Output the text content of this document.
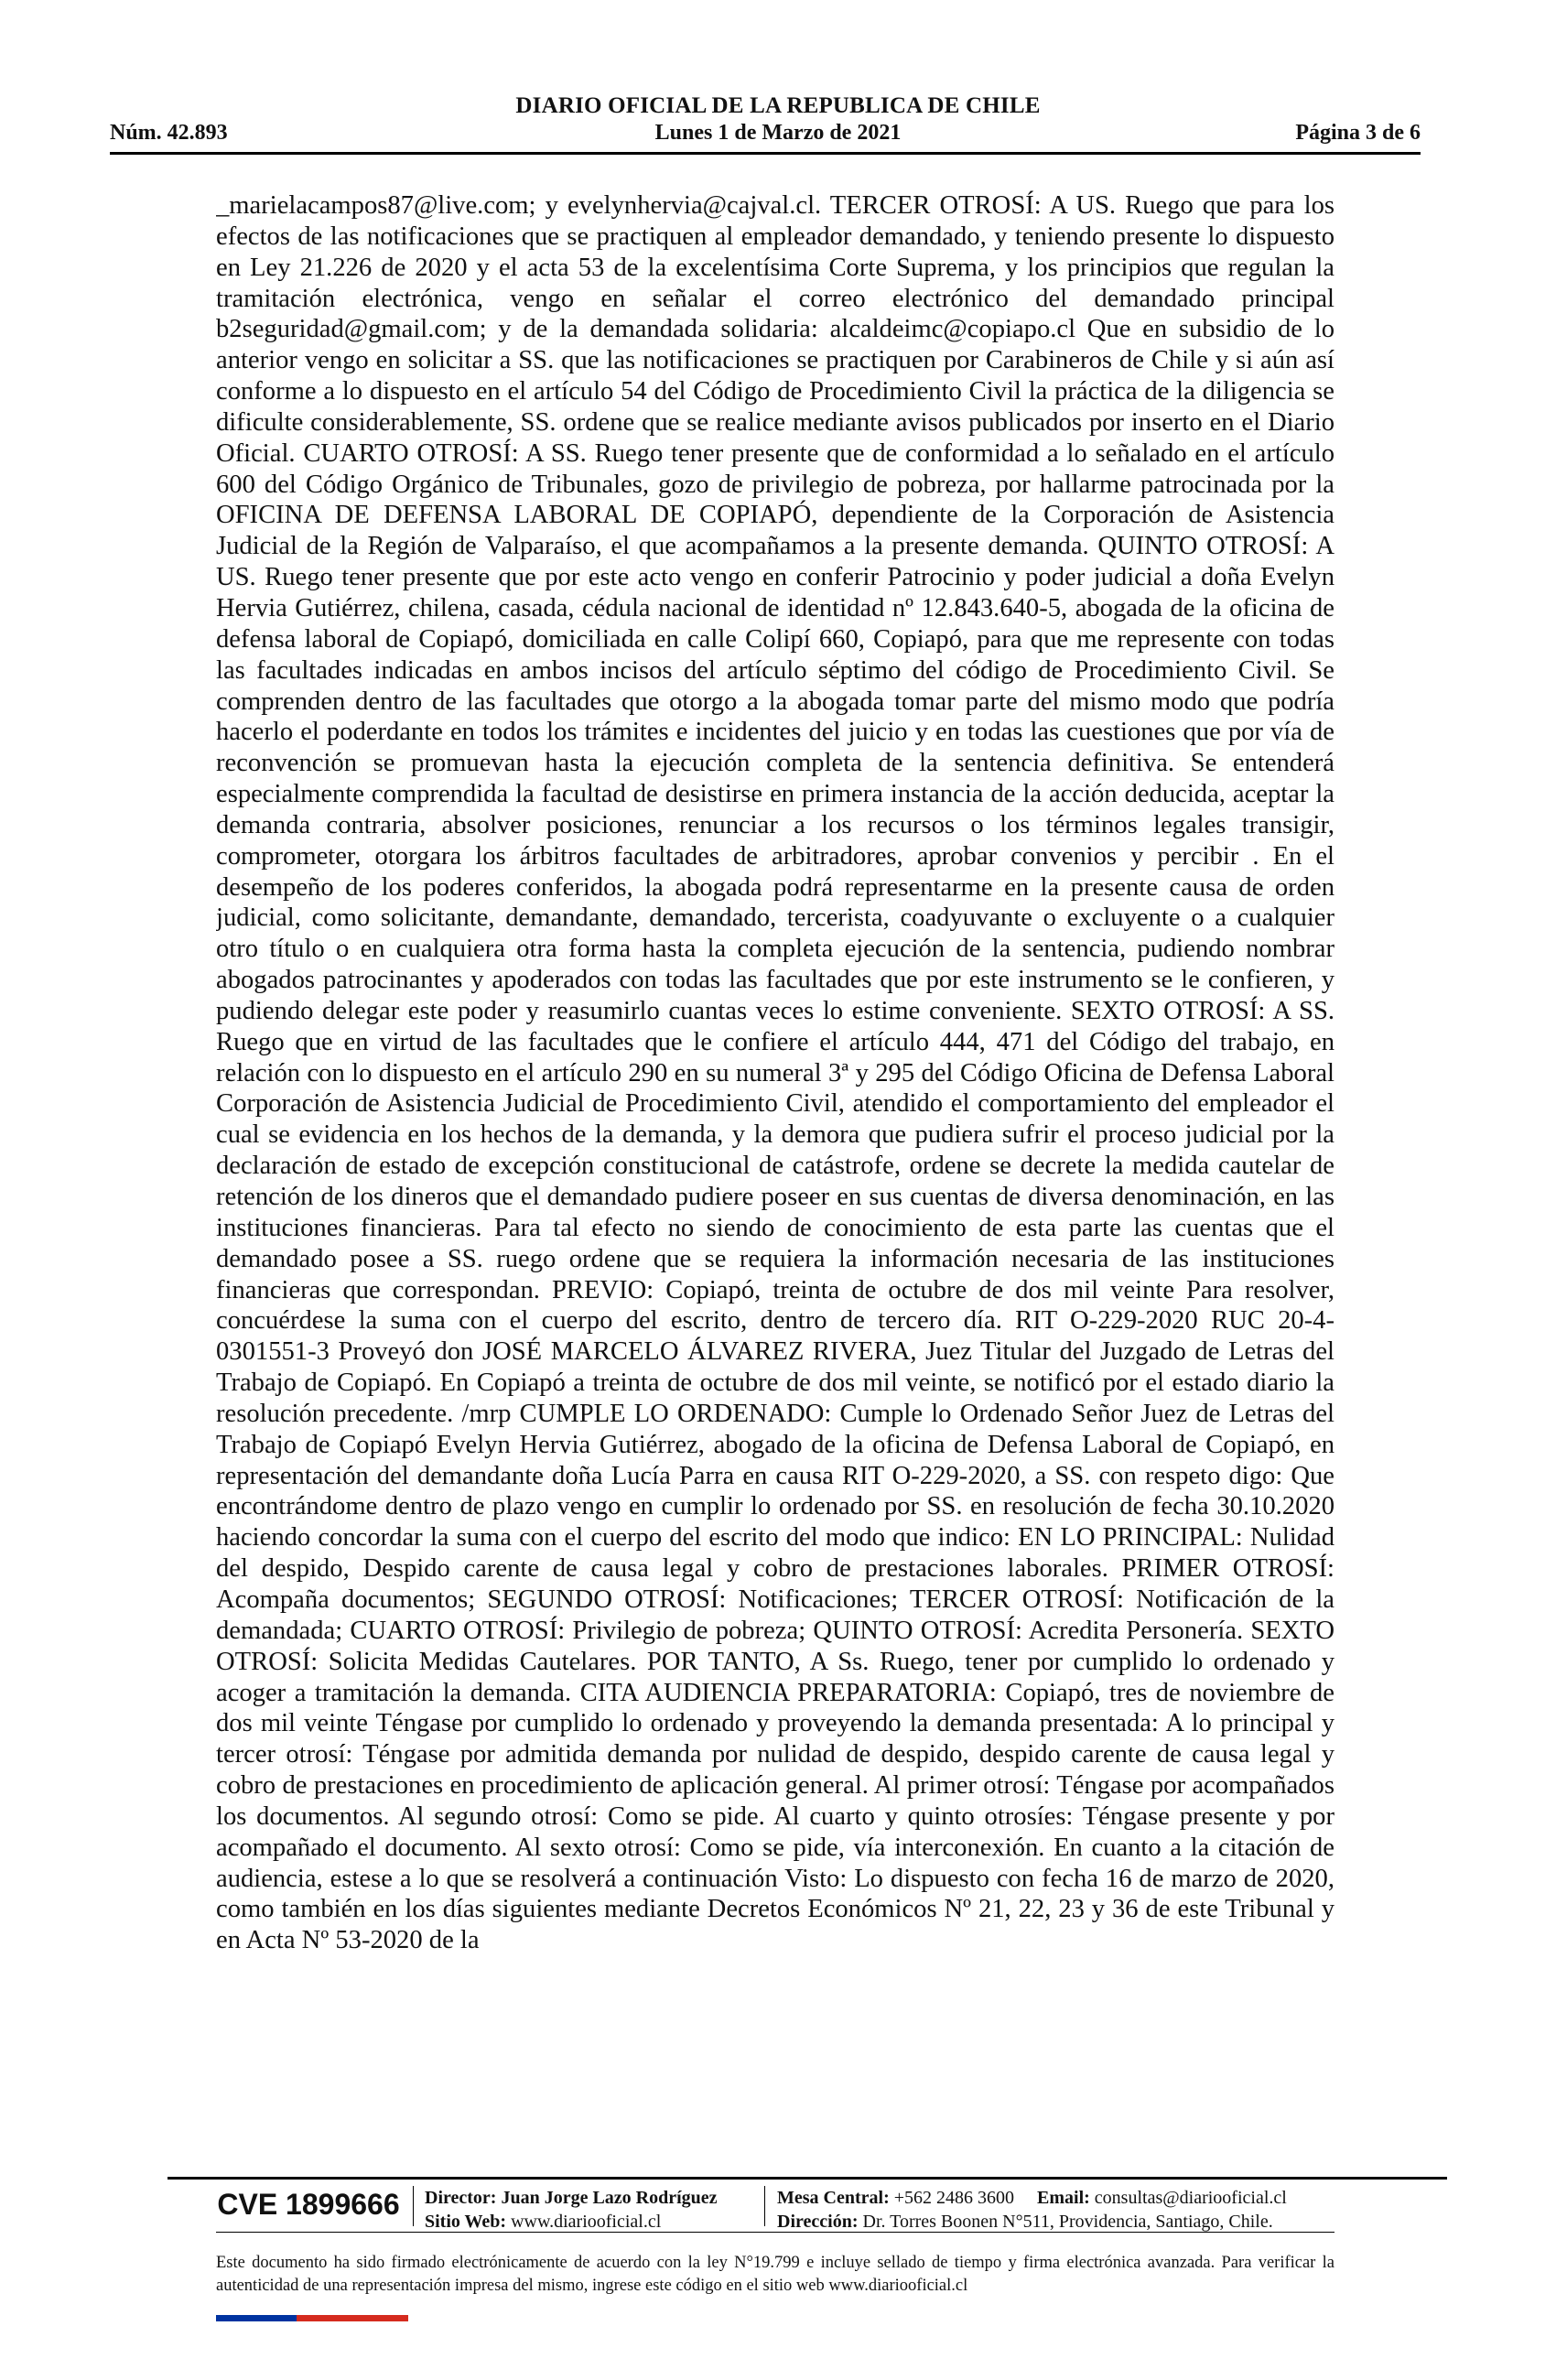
DIARIO OFICIAL DE LA REPUBLICA DE CHILE
Núm. 42.893	Lunes 1 de Marzo de 2021	Página 3 de 6

_marielacampos87@live.com; y evelynhervia@cajval.cl. TERCER OTROSÍ: A US. Ruego que para los efectos de las notificaciones que se practiquen al empleador demandado, y teniendo presente lo dispuesto en Ley 21.226 de 2020 y el acta 53 de la excelentísima Corte Suprema, y los principios que regulan la tramitación electrónica, vengo en señalar el correo electrónico del demandado principal b2seguridad@gmail.com; y de la demandada solidaria: alcaldeimc@copiapo.cl Que en subsidio de lo anterior vengo en solicitar a SS. que las notificaciones se practiquen por Carabineros de Chile y si aún así conforme a lo dispuesto en el artículo 54 del Código de Procedimiento Civil la práctica de la diligencia se dificulte considerablemente, SS. ordene que se realice mediante avisos publicados por inserto en el Diario Oficial. CUARTO OTROSÍ: A SS. Ruego tener presente que de conformidad a lo señalado en el artículo 600 del Código Orgánico de Tribunales, gozo de privilegio de pobreza, por hallarme patrocinada por la OFICINA DE DEFENSA LABORAL DE COPIAPÓ, dependiente de la Corporación de Asistencia Judicial de la Región de Valparaíso, el que acompañamos a la presente demanda. QUINTO OTROSÍ: A US. Ruego tener presente que por este acto vengo en conferir Patrocinio y poder judicial a doña Evelyn Hervia Gutiérrez, chilena, casada, cédula nacional de identidad nº 12.843.640-5, abogada de la oficina de defensa laboral de Copiapó, domiciliada en calle Colipí 660, Copiapó, para que me represente con todas las facultades indicadas en ambos incisos del artículo séptimo del código de Procedimiento Civil. Se comprenden dentro de las facultades que otorgo a la abogada tomar parte del mismo modo que podría hacerlo el poderdante en todos los trámites e incidentes del juicio y en todas las cuestiones que por vía de reconvención se promuevan hasta la ejecución completa de la sentencia definitiva. Se entenderá especialmente comprendida la facultad de desistirse en primera instancia de la acción deducida, aceptar la demanda contraria, absolver posiciones, renunciar a los recursos o los términos legales transigir, comprometer, otorgara los árbitros facultades de arbitradores, aprobar convenios y percibir . En el desempeño de los poderes conferidos, la abogada podrá representarme en la presente causa de orden judicial, como solicitante, demandante, demandado, tercerista, coadyuvante o excluyente o a cualquier otro título o en cualquiera otra forma hasta la completa ejecución de la sentencia, pudiendo nombrar abogados patrocinantes y apoderados con todas las facultades que por este instrumento se le confieren, y pudiendo delegar este poder y reasumirlo cuantas veces lo estime conveniente. SEXTO OTROSÍ: A SS. Ruego que en virtud de las facultades que le confiere el artículo 444, 471 del Código del trabajo, en relación con lo dispuesto en el artículo 290 en su numeral 3ª y 295 del Código Oficina de Defensa Laboral Corporación de Asistencia Judicial de Procedimiento Civil, atendido el comportamiento del empleador el cual se evidencia en los hechos de la demanda, y la demora que pudiera sufrir el proceso judicial por la declaración de estado de excepción constitucional de catástrofe, ordene se decrete la medida cautelar de retención de los dineros que el demandado pudiere poseer en sus cuentas de diversa denominación, en las instituciones financieras. Para tal efecto no siendo de conocimiento de esta parte las cuentas que el demandado posee a SS. ruego ordene que se requiera la información necesaria de las instituciones financieras que correspondan. PREVIO: Copiapó, treinta de octubre de dos mil veinte Para resolver, concuérdese la suma con el cuerpo del escrito, dentro de tercero día. RIT O-229-2020 RUC 20-4-0301551-3 Proveyó don JOSÉ MARCELO ÁLVAREZ RIVERA, Juez Titular del Juzgado de Letras del Trabajo de Copiapó. En Copiapó a treinta de octubre de dos mil veinte, se notificó por el estado diario la resolución precedente. /mrp CUMPLE LO ORDENADO: Cumple lo Ordenado Señor Juez de Letras del Trabajo de Copiapó Evelyn Hervia Gutiérrez, abogado de la oficina de Defensa Laboral de Copiapó, en representación del demandante doña Lucía Parra en causa RIT O-229-2020, a SS. con respeto digo: Que encontrándome dentro de plazo vengo en cumplir lo ordenado por SS. en resolución de fecha 30.10.2020 haciendo concordar la suma con el cuerpo del escrito del modo que indico: EN LO PRINCIPAL: Nulidad del despido, Despido carente de causa legal y cobro de prestaciones laborales. PRIMER OTROSÍ: Acompaña documentos; SEGUNDO OTROSÍ: Notificaciones; TERCER OTROSÍ: Notificación de la demandada; CUARTO OTROSÍ: Privilegio de pobreza; QUINTO OTROSÍ: Acredita Personería. SEXTO OTROSÍ: Solicita Medidas Cautelares. POR TANTO, A Ss. Ruego, tener por cumplido lo ordenado y acoger a tramitación la demanda. CITA AUDIENCIA PREPARATORIA: Copiapó, tres de noviembre de dos mil veinte Téngase por cumplido lo ordenado y proveyendo la demanda presentada: A lo principal y tercer otrosí: Téngase por admitida demanda por nulidad de despido, despido carente de causa legal y cobro de prestaciones en procedimiento de aplicación general. Al primer otrosí: Téngase por acompañados los documentos. Al segundo otrosí: Como se pide. Al cuarto y quinto otrosíes: Téngase presente y por acompañado el documento. Al sexto otrosí: Como se pide, vía interconexión. En cuanto a la citación de audiencia, estese a lo que se resolverá a continuación Visto: Lo dispuesto con fecha 16 de marzo de 2020, como también en los días siguientes mediante Decretos Económicos Nº 21, 22, 23 y 36 de este Tribunal y en Acta Nº 53-2020 de la

CVE 1899666	Director: Juan Jorge Lazo Rodríguez
Sitio Web: www.diariooficial.cl
Mesa Central: +562 2486 3600 Email: consultas@diariooficial.cl
Dirección: Dr. Torres Boonen N°511, Providencia, Santiago, Chile.
Este documento ha sido firmado electrónicamente de acuerdo con la ley N°19.799 e incluye sellado de tiempo y firma electrónica avanzada. Para verificar la autenticidad de una representación impresa del mismo, ingrese este código en el sitio web www.diariooficial.cl
